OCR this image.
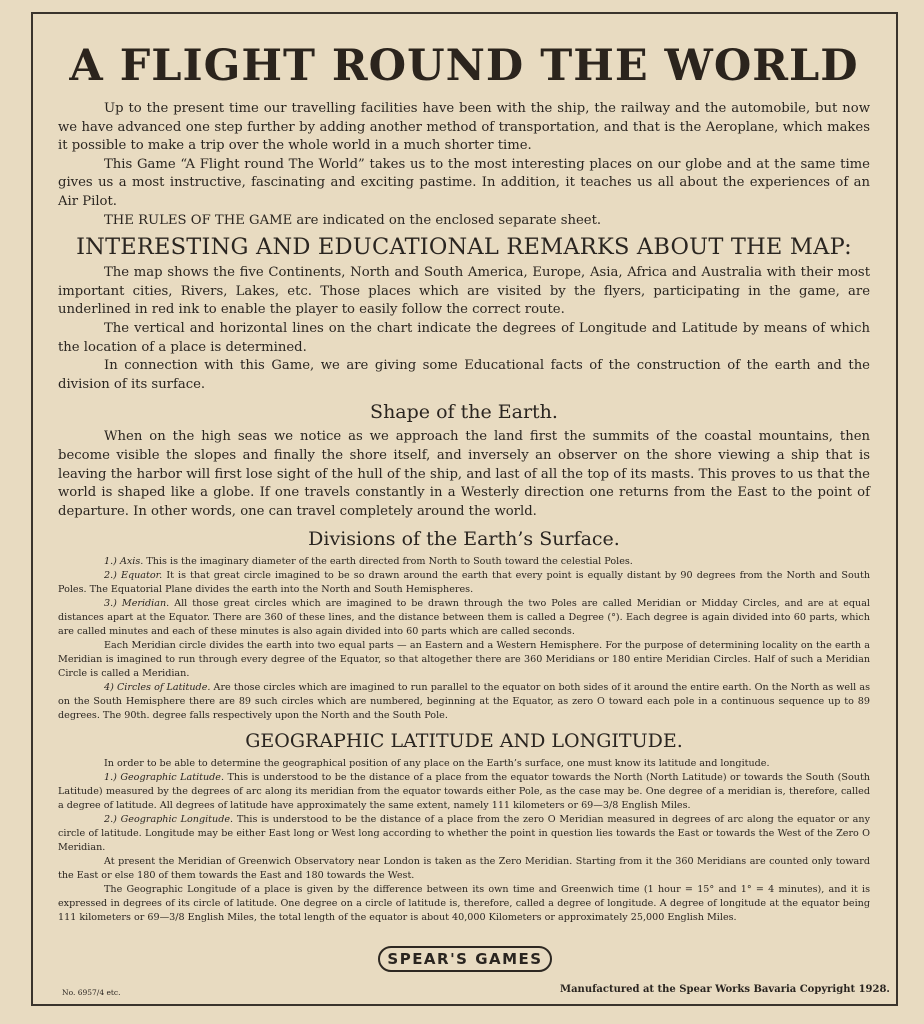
A FLIGHT ROUND THE WORLD

Up to the present time our travelling facilities have been with the ship, the railway and the automobile, but now we have advanced one step further by adding another method of transportation, and that is the Aeroplane, which makes it possible to make a trip over the whole world in a much shorter time.

This Game “A Flight round The World” takes us to the most interesting places on our globe and at the same time gives us a most instructive, fascinating and exciting pastime. In addition, it teaches us all about the experiences of an Air Pilot.

THE RULES OF THE GAME are indicated on the enclosed separate sheet.

INTERESTING AND EDUCATIONAL REMARKS ABOUT THE MAP:

The map shows the five Continents, North and South America, Europe, Asia, Africa and Australia with their most important cities, Rivers, Lakes, etc. Those places which are visited by the flyers, participating in the game, are underlined in red ink to enable the player to easily follow the correct route.

The vertical and horizontal lines on the chart indicate the degrees of Longitude and Latitude by means of which the location of a place is determined.

In connection with this Game, we are giving some Educational facts of the construction of the earth and the division of its surface.

Shape of the Earth.

When on the high seas we notice as we approach the land first the summits of the coastal mountains, then become visible the slopes and finally the shore itself, and inversely an observer on the shore viewing a ship that is leaving the harbor will first lose sight of the hull of the ship, and last of all the top of its masts. This proves to us that the world is shaped like a globe. If one travels constantly in a Westerly direction one returns from the East to the point of departure. In other words, one can travel completely around the world.

Divisions of the Earth’s Surface.

1.) Axis. This is the imaginary diameter of the earth directed from North to South toward the celestial Poles.

2.) Equator. It is that great circle imagined to be so drawn around the earth that every point is equally distant by 90 degrees from the North and South Poles. The Equatorial Plane divides the earth into the North and South Hemispheres.

3.) Meridian. All those great circles which are imagined to be drawn through the two Poles are called Meridian or Midday Circles, and are at equal distances apart at the Equator. There are 360 of these lines, and the distance between them is called a Degree (°). Each degree is again divided into 60 parts, which are called minutes and each of these minutes is also again divided into 60 parts which are called seconds.

Each Meridian circle divides the earth into two equal parts — an Eastern and a Western Hemisphere. For the purpose of determining locality on the earth a Meridian is imagined to run through every degree of the Equator, so that altogether there are 360 Meridians or 180 entire Meridian Circles. Half of such a Meridian Circle is called a Meridian.

4) Circles of Latitude. Are those circles which are imagined to run parallel to the equator on both sides of it around the entire earth. On the North as well as on the South Hemisphere there are 89 such circles which are numbered, beginning at the Equator, as zero O toward each pole in a continuous sequence up to 89 degrees. The 90th. degree falls respectively upon the North and the South Pole.

GEOGRAPHIC LATITUDE AND LONGITUDE.

In order to be able to determine the geographical position of any place on the Earth’s surface, one must know its latitude and longitude.

1.) Geographic Latitude. This is understood to be the distance of a place from the equator towards the North (North Latitude) or towards the South (South Latitude) measured by the degrees of arc along its meridian from the equator towards either Pole, as the case may be. One degree of a meridian is, therefore, called a degree of latitude. All degrees of latitude have approximately the same extent, namely 111 kilometers or 69—3/8 English Miles.

2.) Geographic Longitude. This is understood to be the distance of a place from the zero O Meridian measured in degrees of arc along the equator or any circle of latitude. Longitude may be either East long or West long according to whether the point in question lies towards the East or towards the West of the Zero O Meridian.

At present the Meridian of Greenwich Observatory near London is taken as the Zero Meridian. Starting from it the 360 Meridians are counted only toward the East or else 180 of them towards the East and 180 towards the West.

The Geographic Longitude of a place is given by the difference between its own time and Greenwich time (1 hour = 15° and 1° = 4 minutes), and it is expressed in degrees of its circle of latitude. One degree on a circle of latitude is, therefore, called a degree of longitude. A degree of longitude at the equator being 111 kilometers or 69—3/8 English Miles, the total length of the equator is about 40,000 Kilometers or approximately 25,000 English Miles.

SPEAR'S GAMES
No. 6957/4 etc.	Manufactured at the Spear Works Bavaria Copyright 1928.
